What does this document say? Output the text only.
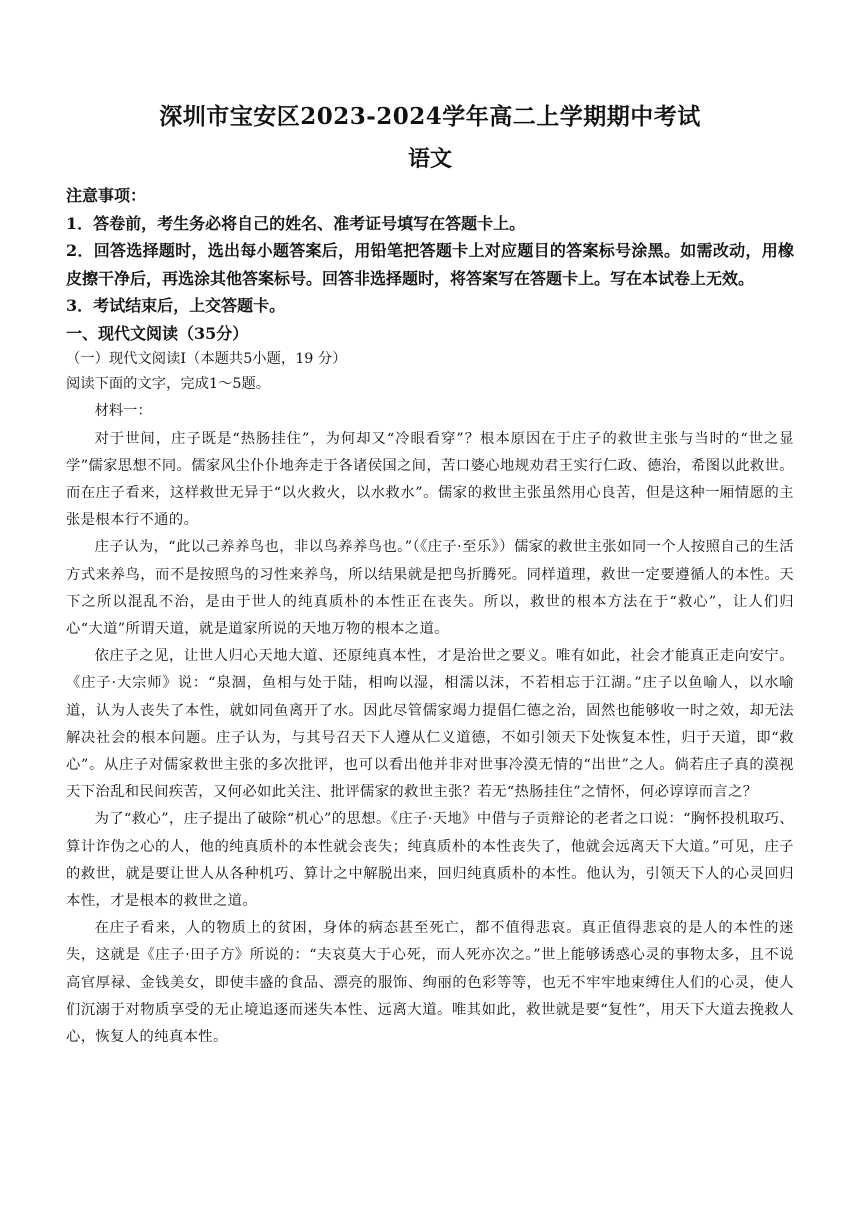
深圳市宝安区2023-2024学年高二上学期期中考试
语文

注意事项：

1．答卷前，考生务必将自己的姓名、准考证号填写在答题卡上。

2．回答选择题时，选出每小题答案后，用铅笔把答题卡上对应题目的答案标号涂黑。如需改动，用橡皮擦干净后，再选涂其他答案标号。回答非选择题时，将答案写在答题卡上。写在本试卷上无效。

3．考试结束后，上交答题卡。

一、现代文阅读（35分）

（一）现代文阅读Ⅰ（本题共5小题，19 分）

阅读下面的文字，完成1～5题。

材料一：

对于世间，庄子既是“热肠挂住”，为何却又“冷眼看穿”？根本原因在于庄子的救世主张与当时的“世之显学”儒家思想不同。儒家风尘仆仆地奔走于各诸侯国之间，苦口婆心地规劝君王实行仁政、德治，希图以此救世。而在庄子看来，这样救世无异于“以火救火，以水救水”。儒家的救世主张虽然用心良苦，但是这种一厢情愿的主张是根本行不通的。

庄子认为，“此以己养养鸟也，非以鸟养养鸟也。”（《庄子·至乐》）儒家的救世主张如同一个人按照自己的生活方式来养鸟，而不是按照鸟的习性来养鸟，所以结果就是把鸟折腾死。同样道理，救世一定要遵循人的本性。天下之所以混乱不治，是由于世人的纯真质朴的本性正在丧失。所以，救世的根本方法在于“救心”，让人们归心“大道”所谓天道，就是道家所说的天地万物的根本之道。

依庄子之见，让世人归心天地大道、还原纯真本性，才是治世之要义。唯有如此，社会才能真正走向安宁。《庄子·大宗师》说：“泉涸，鱼相与处于陆，相呴以湿，相濡以沫，不若相忘于江湖。”庄子以鱼喻人，以水喻道，认为人丧失了本性，就如同鱼离开了水。因此尽管儒家竭力提倡仁德之治，固然也能够收一时之效，却无法解决社会的根本问题。庄子认为，与其号召天下人遵从仁义道德，不如引领天下处恢复本性，归于天道，即“救心”。从庄子对儒家救世主张的多次批评，也可以看出他并非对世事冷漠无情的“出世”之人。倘若庄子真的漠视天下治乱和民间疾苦，又何必如此关注、批评儒家的救世主张？若无“热肠挂住”之情怀，何必谆谆而言之？

为了“救心”，庄子提出了破除“机心”的思想。《庄子·天地》中借与子贡辩论的老者之口说：“胸怀投机取巧、算计诈伪之心的人，他的纯真质朴的本性就会丧失；纯真质朴的本性丧失了，他就会远离天下大道。”可见，庄子的救世，就是要让世人从各种机巧、算计之中解脱出来，回归纯真质朴的本性。他认为，引领天下人的心灵回归本性，才是根本的救世之道。

在庄子看来，人的物质上的贫困，身体的病态甚至死亡，都不值得悲哀。真正值得悲哀的是人的本性的迷失，这就是《庄子·田子方》所说的：“夫哀莫大于心死，而人死亦次之。”世上能够诱惑心灵的事物太多，且不说高官厚禄、金钱美女，即使丰盛的食品、漂亮的服饰、绚丽的色彩等等，也无不牢牢地束缚住人们的心灵，使人们沉溺于对物质享受的无止境追逐而迷失本性、远离大道。唯其如此，救世就是要“复性”，用天下大道去挽救人心，恢复人的纯真本性。
